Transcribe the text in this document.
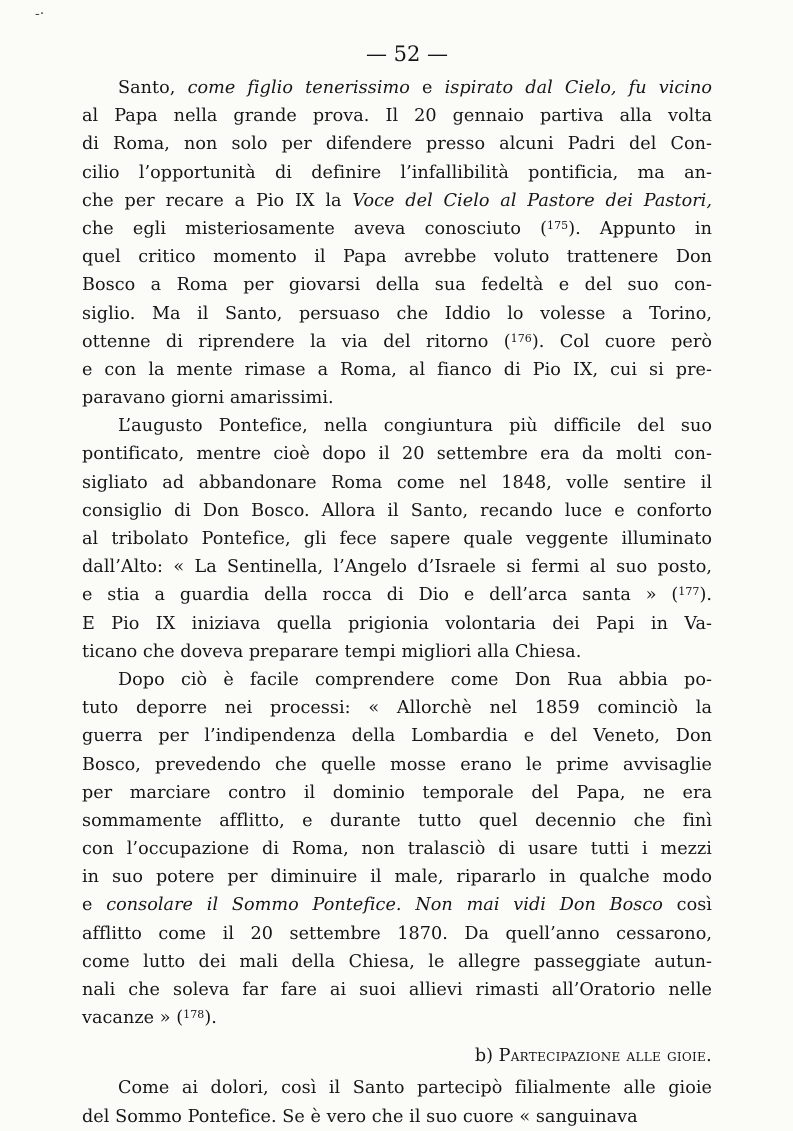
-·
— 52 —
Santo, come figlio tenerissimo e ispirato dal Cielo, fu vicino
al Papa nella grande prova. Il 20 gennaio partiva alla volta
di Roma, non solo per difendere presso alcuni Padri del Con-
cilio l’opportunità di definire l’infallibilità pontificia, ma an-
che per recare a Pio IX la Voce del Cielo al Pastore dei Pastori,
che egli misteriosamente aveva conosciuto ($^{175}$). Appunto in
quel critico momento il Papa avrebbe voluto trattenere Don
Bosco a Roma per giovarsi della sua fedeltà e del suo con-
siglio. Ma il Santo, persuaso che Iddio lo volesse a Torino,
ottenne di riprendere la via del ritorno ($^{176}$). Col cuore però
e con la mente rimase a Roma, al fianco di Pio IX, cui si pre-
paravano giorni amarissimi.
L’augusto Pontefice, nella congiuntura più difficile del suo
pontificato, mentre cioè dopo il 20 settembre era da molti con-
sigliato ad abbandonare Roma come nel 1848, volle sentire il
consiglio di Don Bosco. Allora il Santo, recando luce e conforto
al tribolato Pontefice, gli fece sapere quale veggente illuminato
dall’Alto: « La Sentinella, l’Angelo d’Israele si fermi al suo posto,
e stia a guardia della rocca di Dio e dell’arca santa » ($^{177}$).
E Pio IX iniziava quella prigionia volontaria dei Papi in Va-
ticano che doveva preparare tempi migliori alla Chiesa.
Dopo ciò è facile comprendere come Don Rua abbia po-
tuto deporre nei processi: « Allorchè nel 1859 cominciò la
guerra per l’indipendenza della Lombardia e del Veneto, Don
Bosco, prevedendo che quelle mosse erano le prime avvisaglie
per marciare contro il dominio temporale del Papa, ne era
sommamente afflitto, e durante tutto quel decennio che finì
con l’occupazione di Roma, non tralasciò di usare tutti i mezzi
in suo potere per diminuire il male, ripararlo in qualche modo
e consolare il Sommo Pontefice. Non mai vidi Don Bosco così
afflitto come il 20 settembre 1870. Da quell’anno cessarono,
come lutto dei mali della Chiesa, le allegre passeggiate autun-
nali che soleva far fare ai suoi allievi rimasti all’Oratorio nelle
vacanze » ($^{178}$).
b) Partecipazione alle gioie.
Come ai dolori, così il Santo partecipò filialmente alle gioie
del Sommo Pontefice. Se è vero che il suo cuore « sanguinava
